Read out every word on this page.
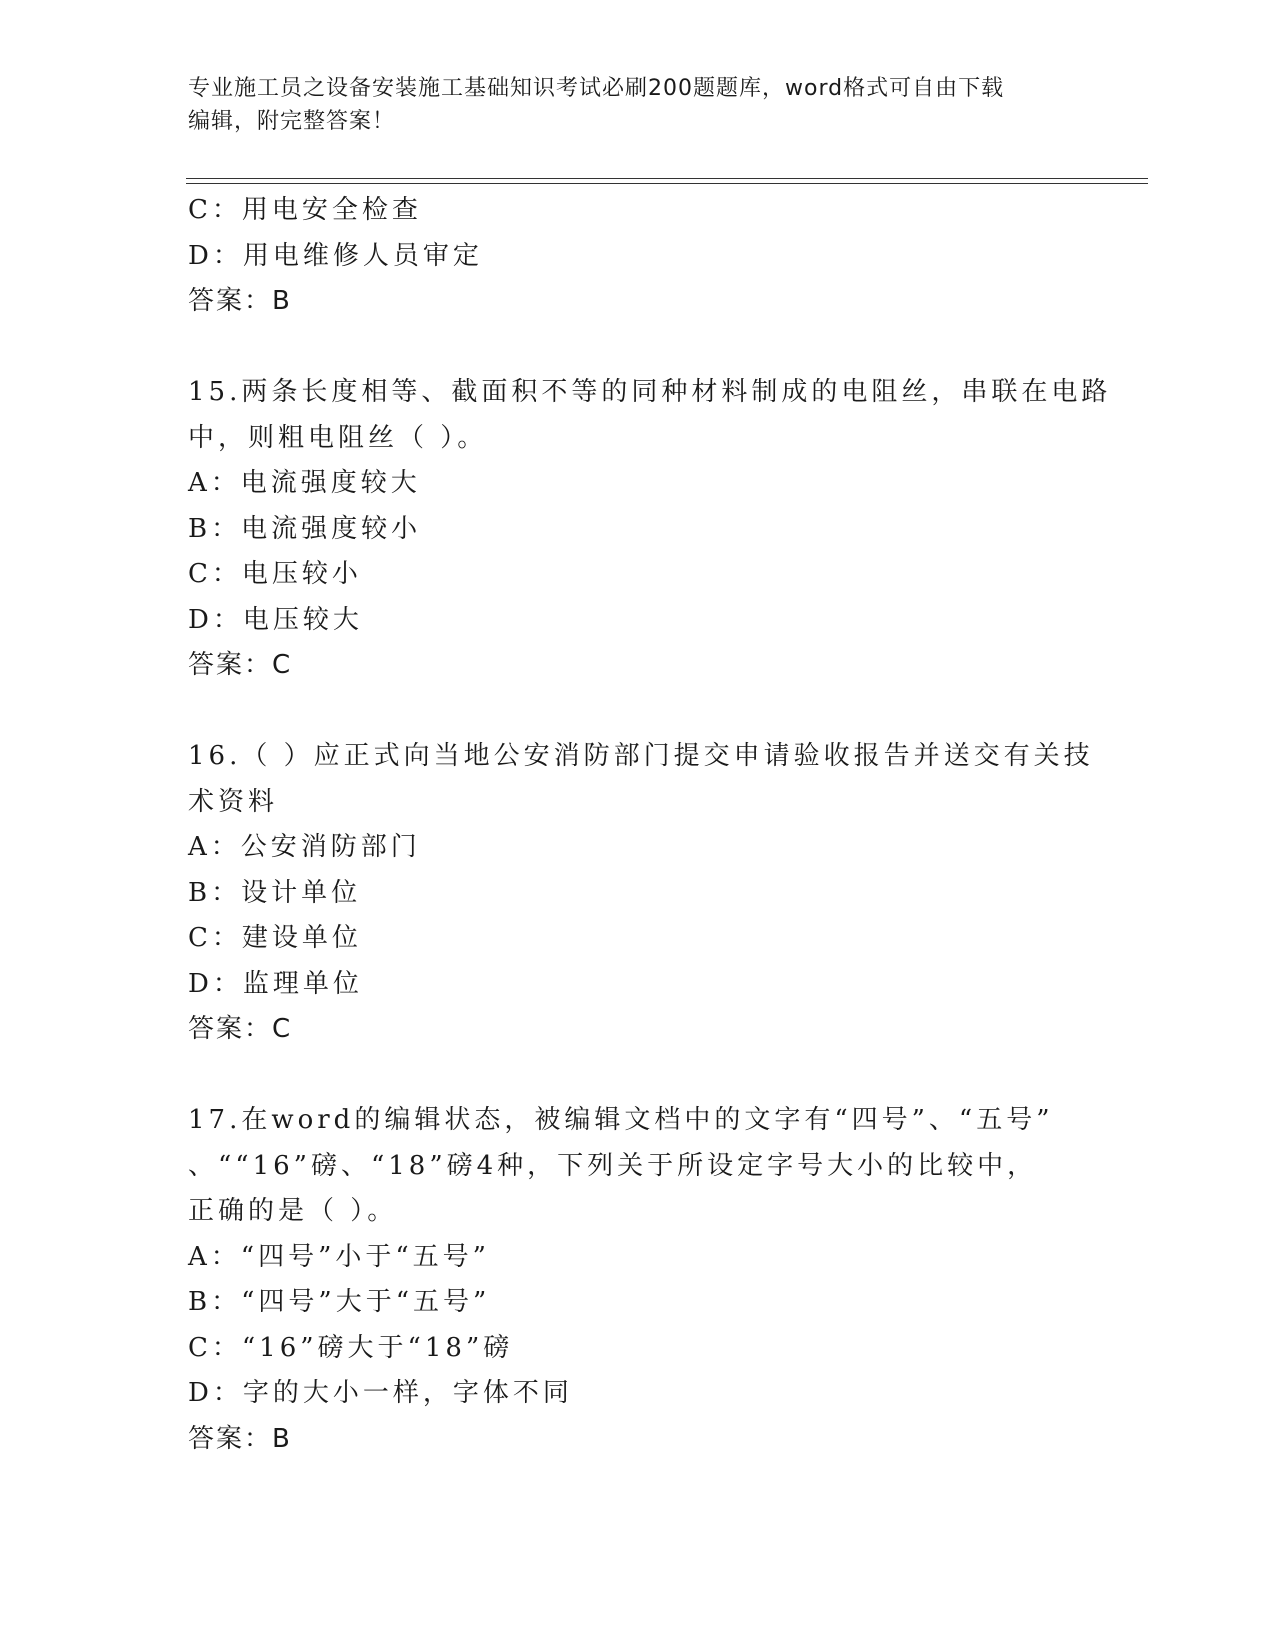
专业施工员之设备安装施工基础知识考试必刷200题题库，word格式可自由下载
编辑，附完整答案！
C：用电安全检查
D：用电维修人员审定
答案：B
15.两条长度相等、截面积不等的同种材料制成的电阻丝，串联在电路
中，则粗电阻丝（ ）。
A：电流强度较大
B：电流强度较小
C：电压较小
D：电压较大
答案：C
16.（ ）应正式向当地公安消防部门提交申请验收报告并送交有关技
术资料
A：公安消防部门
B：设计单位
C：建设单位
D：监理单位
答案：C
17.在word的编辑状态，被编辑文档中的文字有“四号”、“五号”
、““16”磅、“18”磅4种，下列关于所设定字号大小的比较中，
正确的是（ ）。
A：“四号”小于“五号”
B：“四号”大于“五号”
C：“16”磅大于“18”磅
D：字的大小一样，字体不同
答案：B
